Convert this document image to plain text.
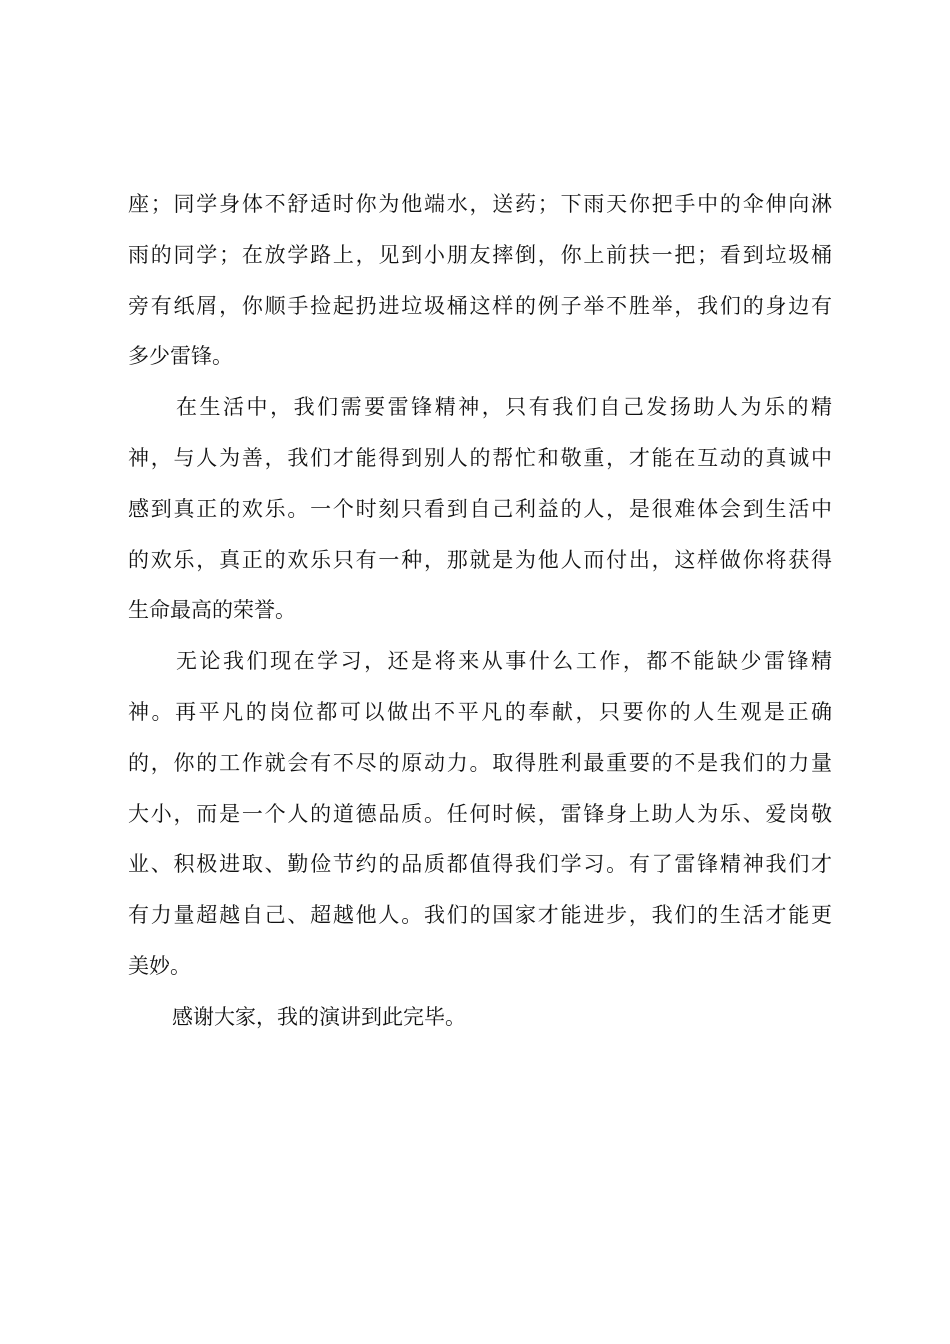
座；同学身体不舒适时你为他端水，送药；下雨天你把手中的伞伸向淋
雨的同学；在放学路上，见到小朋友摔倒，你上前扶一把；看到垃圾桶
旁有纸屑，你顺手捡起扔进垃圾桶这样的例子举不胜举，我们的身边有
多少雷锋。
在生活中，我们需要雷锋精神，只有我们自己发扬助人为乐的精
神，与人为善，我们才能得到别人的帮忙和敬重，才能在互动的真诚中
感到真正的欢乐。一个时刻只看到自己利益的人，是很难体会到生活中
的欢乐，真正的欢乐只有一种，那就是为他人而付出，这样做你将获得
生命最高的荣誉。
无论我们现在学习，还是将来从事什么工作，都不能缺少雷锋精
神。再平凡的岗位都可以做出不平凡的奉献，只要你的人生观是正确
的，你的工作就会有不尽的原动力。取得胜利最重要的不是我们的力量
大小，而是一个人的道德品质。任何时候，雷锋身上助人为乐、爱岗敬
业、积极进取、勤俭节约的品质都值得我们学习。有了雷锋精神我们才
有力量超越自己、超越他人。我们的国家才能进步，我们的生活才能更
美妙。
感谢大家，我的演讲到此完毕。
